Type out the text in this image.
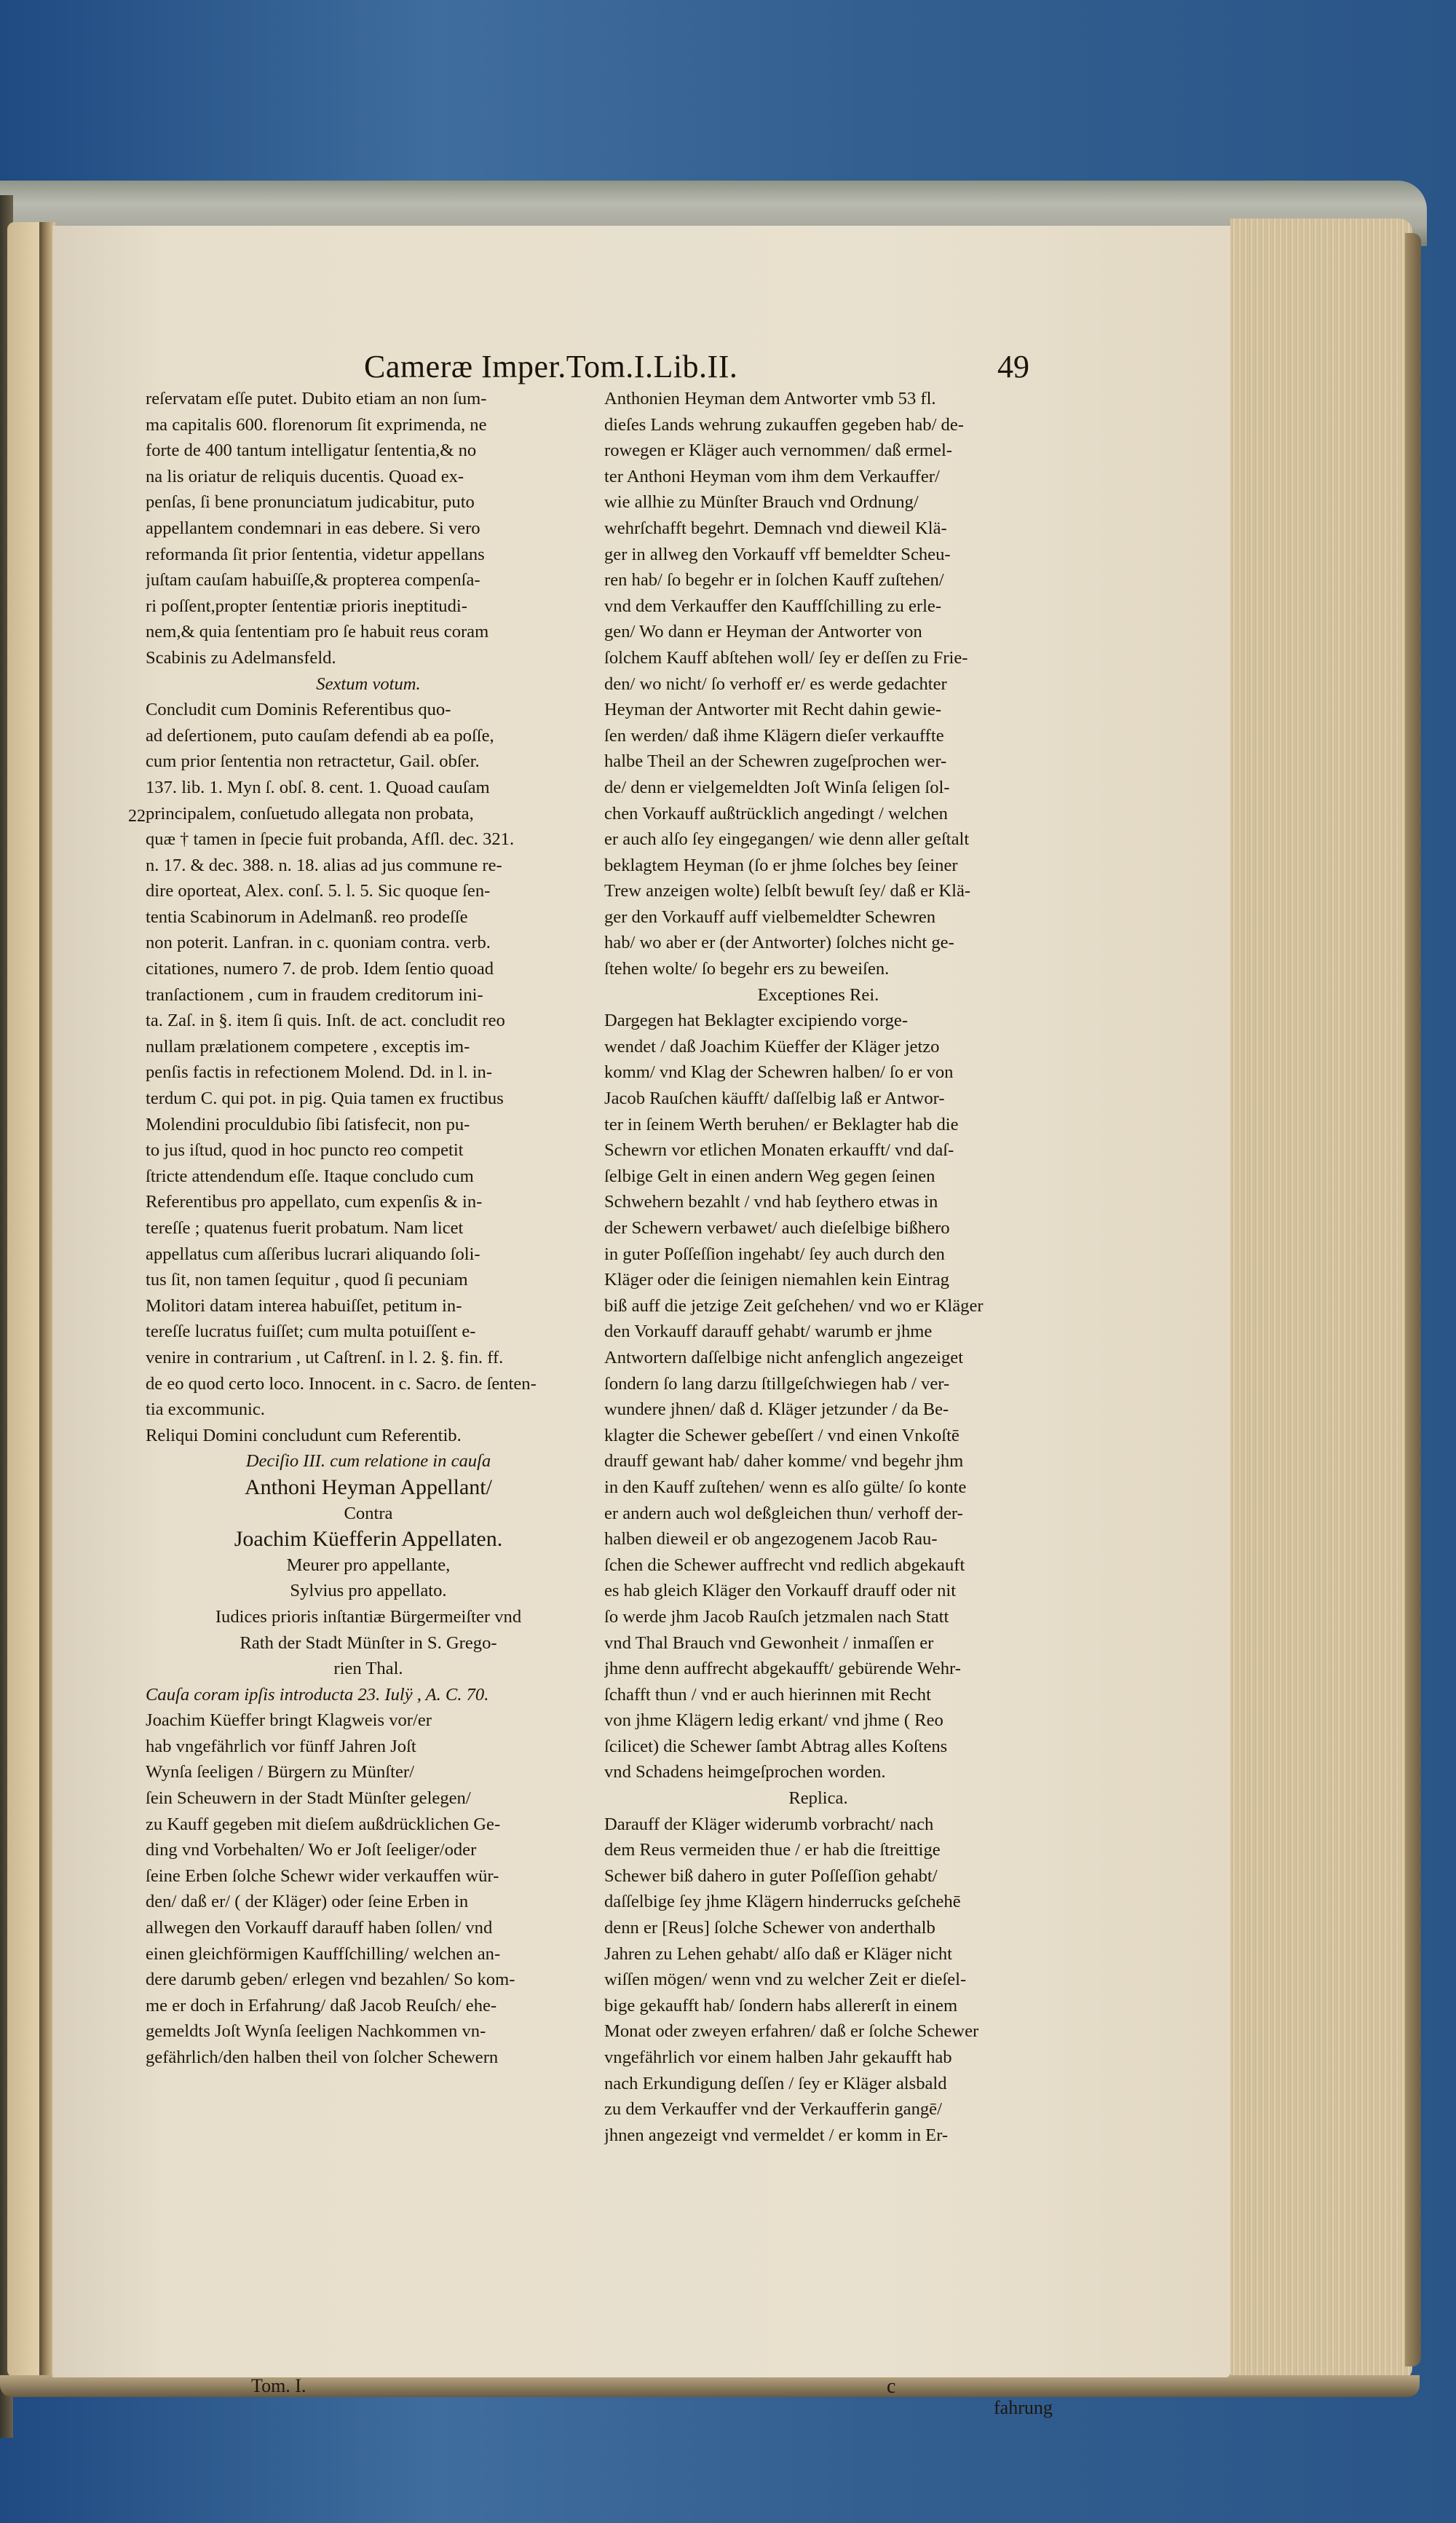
Cameræ Imper.Tom.I.Lib.II.	49
22
reſervatam eſſe putet. Dubito etiam an non ſum-
ma capitalis 600. florenorum ſit exprimenda, ne
forte de 400 tantum intelligatur ſententia,& no
na lis oriatur de reliquis ducentis. Quoad ex-
penſas, ſi bene pronunciatum judicabitur, puto
appellantem condemnari in eas debere. Si vero
reformanda ſit prior ſententia, videtur appellans
juſtam cauſam habuiſſe,& propterea compenſa-
ri poſſent,propter ſententiæ prioris ineptitudi-
nem,& quia ſententiam pro ſe habuit reus coram
Scabinis zu Adelmansfeld.

Sextum votum.

Concludit cum Dominis Referentibus quo-
ad deſertionem, puto cauſam defendi ab ea poſſe,
cum prior ſententia non retractetur, Gail. obſer.
137. lib. 1. Myn ſ. obſ. 8. cent. 1. Quoad cauſam
principalem, conſuetudo allegata non probata,
quæ † tamen in ſpecie fuit probanda, Afſl. dec. 321.
n. 17. & dec. 388. n. 18. alias ad jus commune re-
dire oporteat, Alex. conſ. 5. l. 5. Sic quoque ſen-
tentia Scabinorum in Adelmanß. reo prodeſſe
non poterit. Lanfran. in c. quoniam contra. verb.
citationes, numero 7. de prob. Idem ſentio quoad
tranſactionem , cum in fraudem creditorum ini-
ta. Zaſ. in §. item ſi quis. Inſt. de act. concludit reo
nullam prælationem competere , exceptis im-
penſis factis in refectionem Molend. Dd. in l. in-
terdum C. qui pot. in pig. Quia tamen ex fructibus
Molendini proculdubio ſibi ſatisfecit, non pu-
to jus iſtud, quod in hoc puncto reo competit
ſtricte attendendum eſſe. Itaque concludo cum
Referentibus pro appellato, cum expenſis & in-
tereſſe ; quatenus fuerit probatum. Nam licet
appellatus cum aſſeribus lucrari aliquando ſoli-
tus ſit, non tamen ſequitur , quod ſi pecuniam
Molitori datam interea habuiſſet, petitum in-
tereſſe lucratus fuiſſet; cum multa potuiſſent e-
venire in contrarium , ut Caſtrenſ. in l. 2. §. fin. ff.
de eo quod certo loco. Innocent. in c. Sacro. de ſenten-
tia excommunic.
Reliqui Domini concludunt cum Referentib.

Deciſio III. cum relatione in cauſa

Anthoni Heyman Appellant/

Contra

Joachim Küefferin Appellaten.

Meurer pro appellante,

Sylvius pro appellato.

Iudices prioris inſtantiæ Bürgermeiſter vnd
Rath der Stadt Münſter in S. Grego-
rien Thal.

Cauſa coram ipſis introducta 23. Iulÿ , A. C. 70.

Joachim Küeffer bringt Klagweis vor/er
hab vngefährlich vor fünff Jahren Joſt
Wynſa ſeeligen / Bürgern zu Münſter/
ſein Scheuwern in der Stadt Münſter gelegen/
zu Kauff gegeben mit dieſem außdrücklichen Ge-
ding vnd Vorbehalten/ Wo er Joſt ſeeliger/oder
ſeine Erben ſolche Schewr wider verkauffen wür-
den/ daß er/ ( der Kläger) oder ſeine Erben in
allwegen den Vorkauff darauff haben ſollen/ vnd
einen gleichförmigen Kauffſchilling/ welchen an-
dere darumb geben/ erlegen vnd bezahlen/ So kom-
me er doch in Erfahrung/ daß Jacob Reuſch/ ehe-
gemeldts Joſt Wynſa ſeeligen Nachkommen vn-
gefährlich/den halben theil von ſolcher Schewern
Anthonien Heyman dem Antworter vmb 53 fl.
dieſes Lands wehrung zukauffen gegeben hab/ de-
rowegen er Kläger auch vernommen/ daß ermel-
ter Anthoni Heyman vom ihm dem Verkauffer/
wie allhie zu Münſter Brauch vnd Ordnung/
wehrſchafft begehrt. Demnach vnd dieweil Klä-
ger in allweg den Vorkauff vff bemeldter Scheu-
ren hab/ ſo begehr er in ſolchen Kauff zuſtehen/
vnd dem Verkauffer den Kauffſchilling zu erle-
gen/ Wo dann er Heyman der Antworter von
ſolchem Kauff abſtehen woll/ ſey er deſſen zu Frie-
den/ wo nicht/ ſo verhoff er/ es werde gedachter
Heyman der Antworter mit Recht dahin gewie-
ſen werden/ daß ihme Klägern dieſer verkauffte
halbe Theil an der Schewren zugeſprochen wer-
de/ denn er vielgemeldten Joſt Winſa ſeligen ſol-
chen Vorkauff außtrücklich angedingt / welchen
er auch alſo ſey eingegangen/ wie denn aller geſtalt
beklagtem Heyman (ſo er jhme ſolches bey ſeiner
Trew anzeigen wolte) ſelbſt bewuſt ſey/ daß er Klä-
ger den Vorkauff auff vielbemeldter Schewren
hab/ wo aber er (der Antworter) ſolches nicht ge-
ſtehen wolte/ ſo begehr ers zu beweiſen.

Exceptiones Rei.

Dargegen hat Beklagter excipiendo vorge-
wendet / daß Joachim Küeffer der Kläger jetzo
komm/ vnd Klag der Schewren halben/ ſo er von
Jacob Rauſchen käufft/ daſſelbig laß er Antwor-
ter in ſeinem Werth beruhen/ er Beklagter hab die
Schewrn vor etlichen Monaten erkaufft/ vnd daſ-
ſelbige Gelt in einen andern Weg gegen ſeinen
Schwehern bezahlt / vnd hab ſeythero etwas in
der Schewern verbawet/ auch dieſelbige bißhero
in guter Poſſeſſion ingehabt/ ſey auch durch den
Kläger oder die ſeinigen niemahlen kein Eintrag
biß auff die jetzige Zeit geſchehen/ vnd wo er Kläger
den Vorkauff darauff gehabt/ warumb er jhme
Antwortern daſſelbige nicht anfenglich angezeiget
ſondern ſo lang darzu ſtillgeſchwiegen hab / ver-
wundere jhnen/ daß d. Kläger jetzunder / da Be-
klagter die Schewer gebeſſert / vnd einen Vnkoſtē
drauff gewant hab/ daher komme/ vnd begehr jhm
in den Kauff zuſtehen/ wenn es alſo gülte/ ſo konte
er andern auch wol deßgleichen thun/ verhoff der-
halben dieweil er ob angezogenem Jacob Rau-
ſchen die Schewer auffrecht vnd redlich abgekauft
es hab gleich Kläger den Vorkauff drauff oder nit
ſo werde jhm Jacob Rauſch jetzmalen nach Statt
vnd Thal Brauch vnd Gewonheit / inmaſſen er
jhme denn auffrecht abgekaufft/ gebürende Wehr-
ſchafft thun / vnd er auch hierinnen mit Recht
von jhme Klägern ledig erkant/ vnd jhme ( Reo
ſcilicet) die Schewer ſambt Abtrag alles Koſtens
vnd Schadens heimgeſprochen worden.

Replica.

Darauff der Kläger widerumb vorbracht/ nach
dem Reus vermeiden thue / er hab die ſtreittige
Schewer biß dahero in guter Poſſeſſion gehabt/
daſſelbige ſey jhme Klägern hinderrucks geſchehē
denn er [Reus] ſolche Schewer von anderthalb
Jahren zu Lehen gehabt/ alſo daß er Kläger nicht
wiſſen mögen/ wenn vnd zu welcher Zeit er dieſel-
bige gekaufft hab/ ſondern habs allererſt in einem
Monat oder zweyen erfahren/ daß er ſolche Schewer
vngefährlich vor einem halben Jahr gekaufft hab
nach Erkundigung deſſen / ſey er Kläger alsbald
zu dem Verkauffer vnd der Verkaufferin gangē/
jhnen angezeigt vnd vermeldet / er komm in Er-
Tom. I.	c
fahrung
